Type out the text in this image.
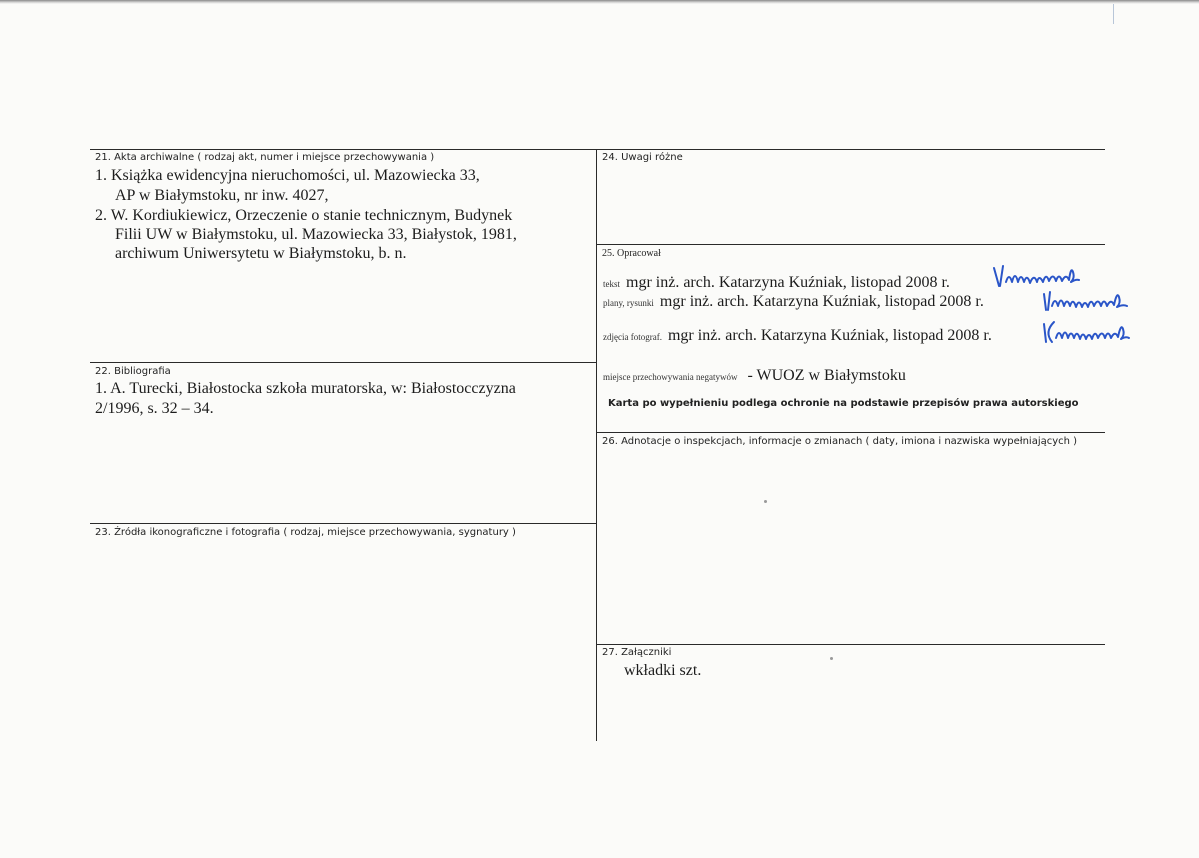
21. Akta archiwalne ( rodzaj akt, numer i miejsce przechowywania )
1. Książka ewidencyjna nieruchomości, ul. Mazowiecka 33,
AP w Białymstoku, nr inw. 4027,
2. W. Kordiukiewicz, Orzeczenie o stanie technicznym, Budynek
Filii UW w Białymstoku, ul. Mazowiecka 33, Białystok, 1981,
archiwum Uniwersytetu w Białymstoku, b. n.
22. Bibliografia
1. A. Turecki, Białostocka szkoła muratorska, w: Białostocczyzna
2/1996, s. 32 – 34.
23. Źródła ikonograficzne i fotografia ( rodzaj, miejsce przechowywania, sygnatury )
24. Uwagi różne
25. Opracował
tekst mgr inż. arch. Katarzyna Kuźniak, listopad 2008 r.
plany, rysunki mgr inż. arch. Katarzyna Kuźniak, listopad 2008 r.
zdjęcia fotograf. mgr inż. arch. Katarzyna Kuźniak, listopad 2008 r.
miejsce przechowywania negatywów - WUOZ w Białymstoku
Karta po wypełnieniu podlega ochronie na podstawie przepisów prawa autorskiego
26. Adnotacje o inspekcjach, informacje o zmianach ( daty, imiona i nazwiska wypełniających )
27. Załączniki
wkładki szt.
